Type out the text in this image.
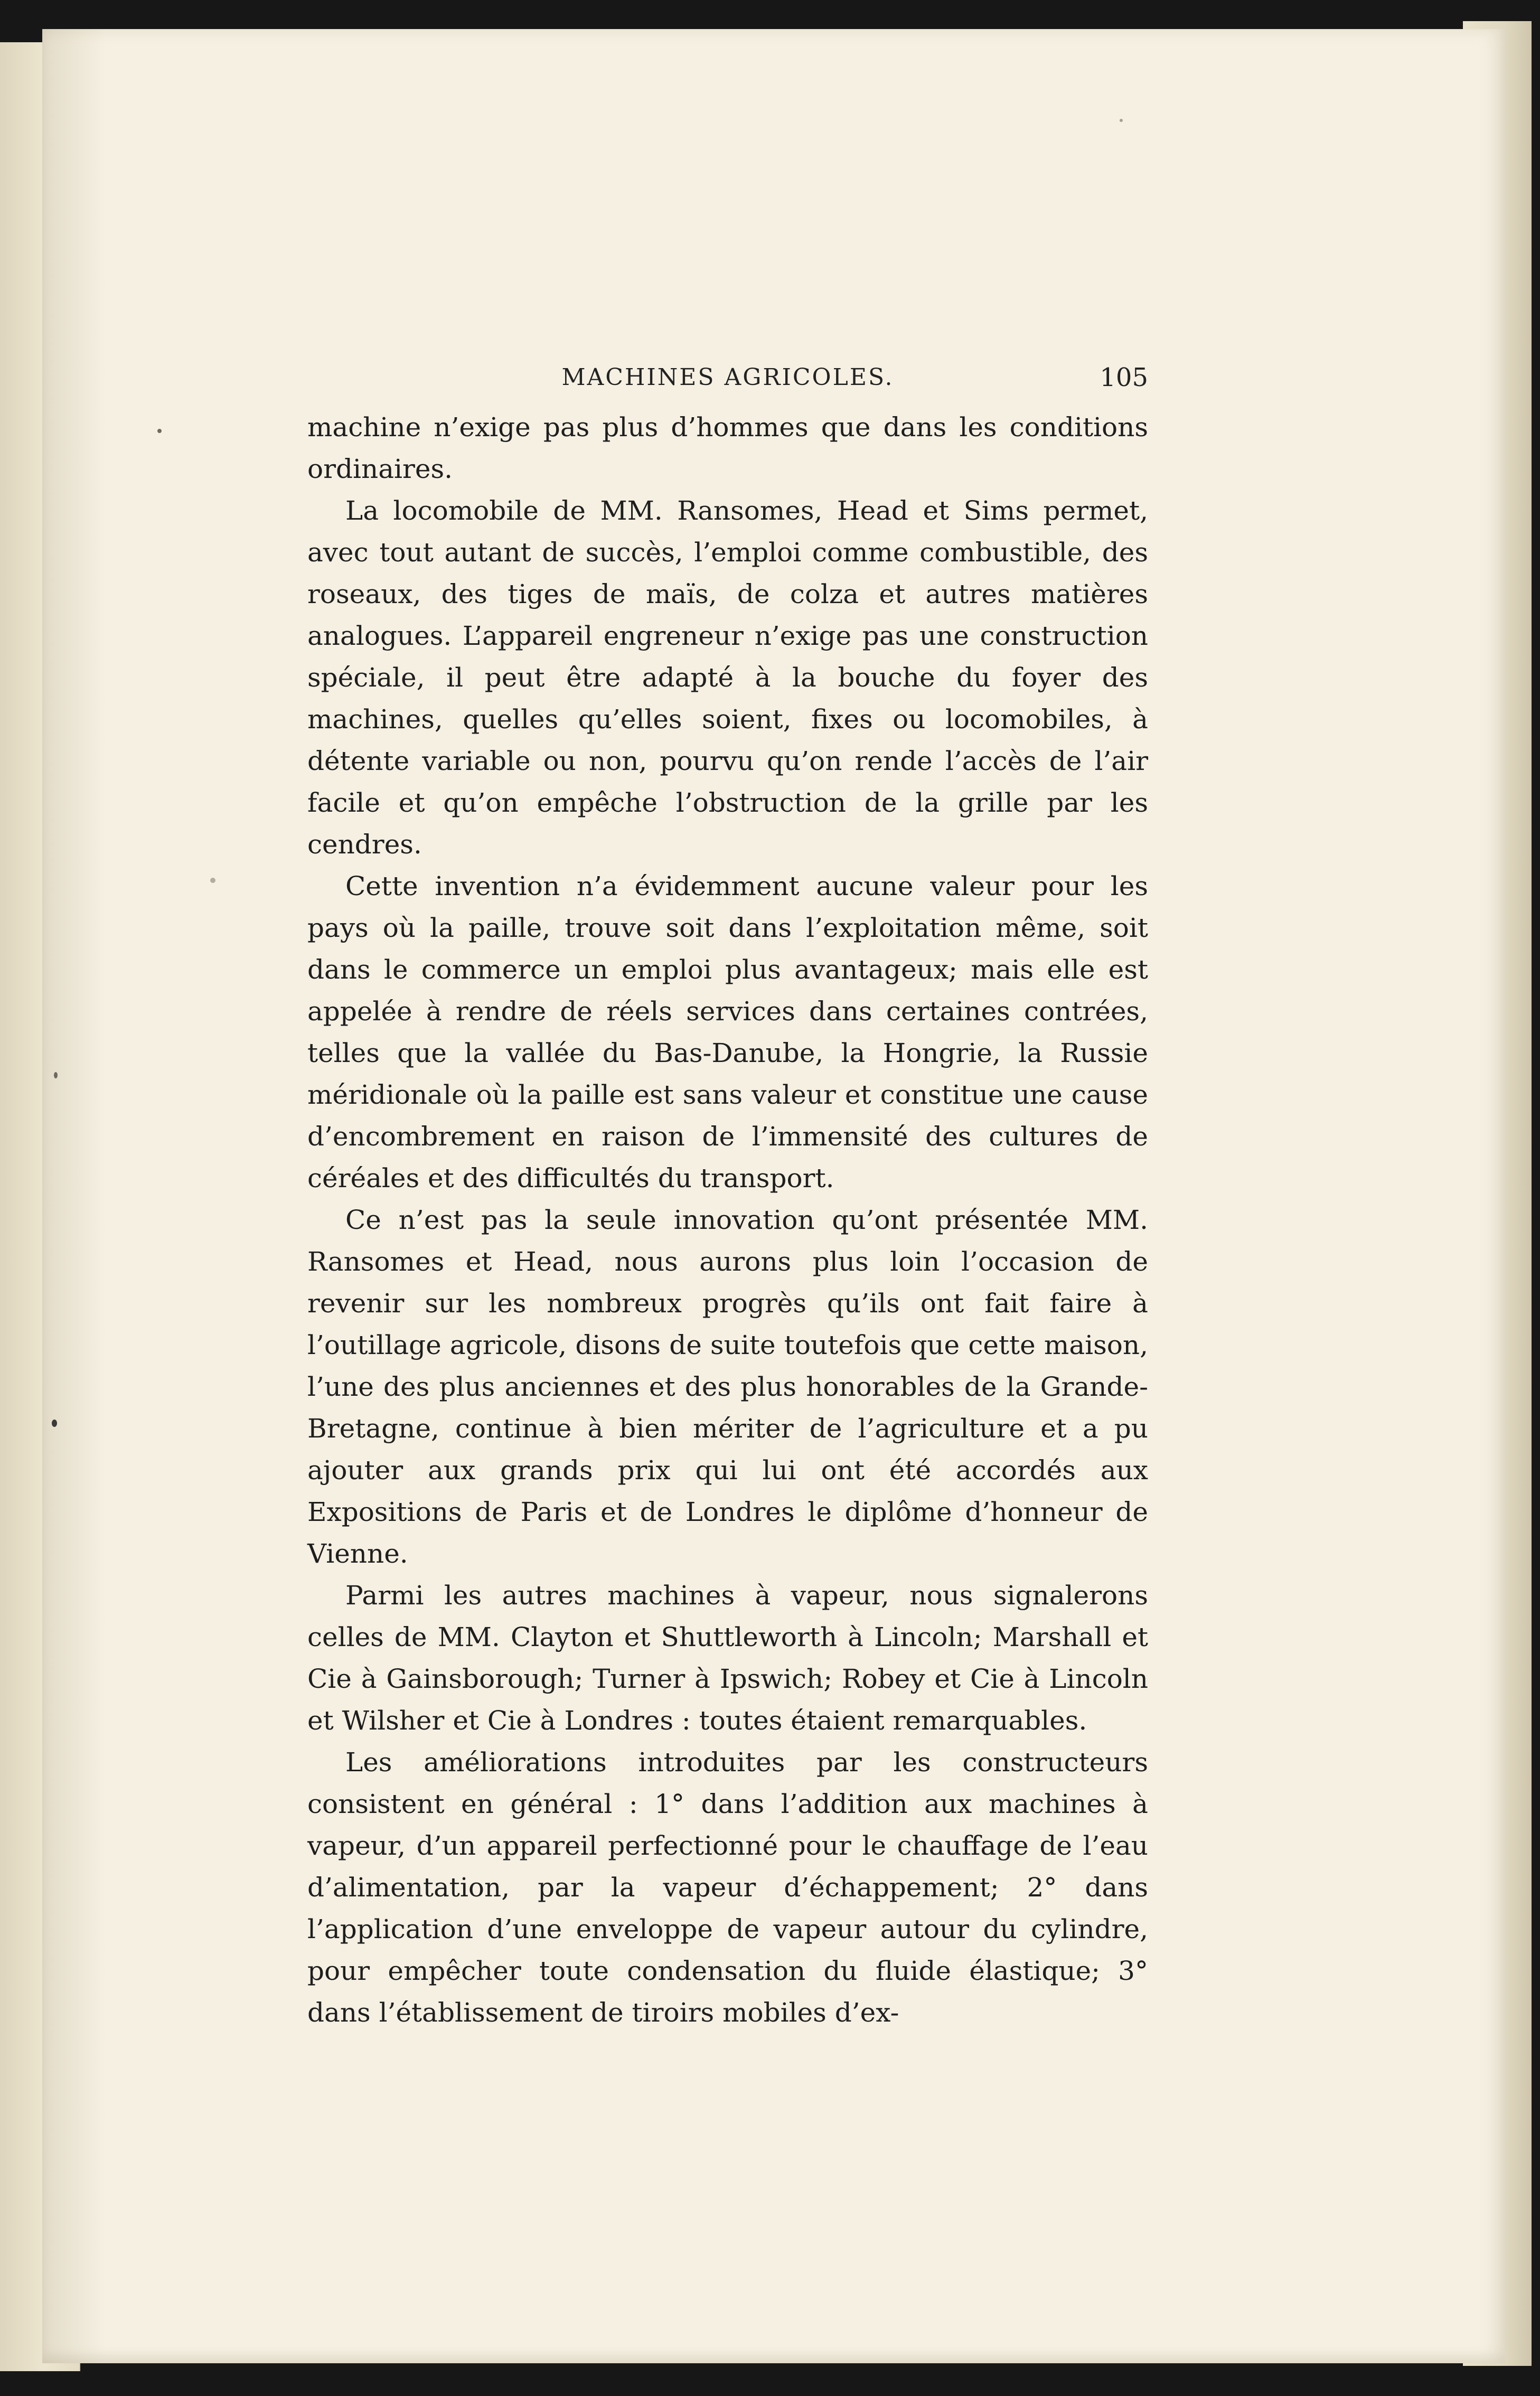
MACHINES AGRICOLES.	105

machine n’exige pas plus d’hommes que dans les conditions ordinaires.

La locomobile de MM. Ransomes, Head et Sims permet, avec tout autant de succès, l’emploi comme combustible, des roseaux, des tiges de maïs, de colza et autres matières analogues. L’appareil engreneur n’exige pas une construction spéciale, il peut être adapté à la bouche du foyer des machines, quelles qu’elles soient, fixes ou locomobiles, à détente variable ou non, pourvu qu’on rende l’accès de l’air facile et qu’on empêche l’obstruction de la grille par les cendres.

Cette invention n’a évidemment aucune valeur pour les pays où la paille, trouve soit dans l’exploitation même, soit dans le commerce un emploi plus avantageux; mais elle est appelée à rendre de réels services dans certaines contrées, telles que la vallée du Bas-Danube, la Hongrie, la Russie méridionale où la paille est sans valeur et constitue une cause d’encombrement en raison de l’immensité des cultures de céréales et des difficultés du transport.

Ce n’est pas la seule innovation qu’ont présentée MM. Ransomes et Head, nous aurons plus loin l’occasion de revenir sur les nombreux progrès qu’ils ont fait faire à l’outillage agricole, disons de suite toutefois que cette maison, l’une des plus anciennes et des plus honorables de la Grande-Bretagne, continue à bien mériter de l’agriculture et a pu ajouter aux grands prix qui lui ont été accordés aux Expositions de Paris et de Londres le diplôme d’honneur de Vienne.

Parmi les autres machines à vapeur, nous signalerons celles de MM. Clayton et Shuttleworth à Lincoln; Marshall et Cie à Gainsborough; Turner à Ipswich; Robey et Cie à Lincoln et Wilsher et Cie à Londres : toutes étaient remarquables.

Les améliorations introduites par les constructeurs consistent en général : 1° dans l’addition aux machines à vapeur, d’un appareil perfectionné pour le chauffage de l’eau d’alimentation, par la vapeur d’échappement; 2° dans l’application d’une enveloppe de vapeur autour du cylindre, pour empêcher toute condensation du fluide élastique; 3° dans l’établissement de tiroirs mobiles d’ex-
